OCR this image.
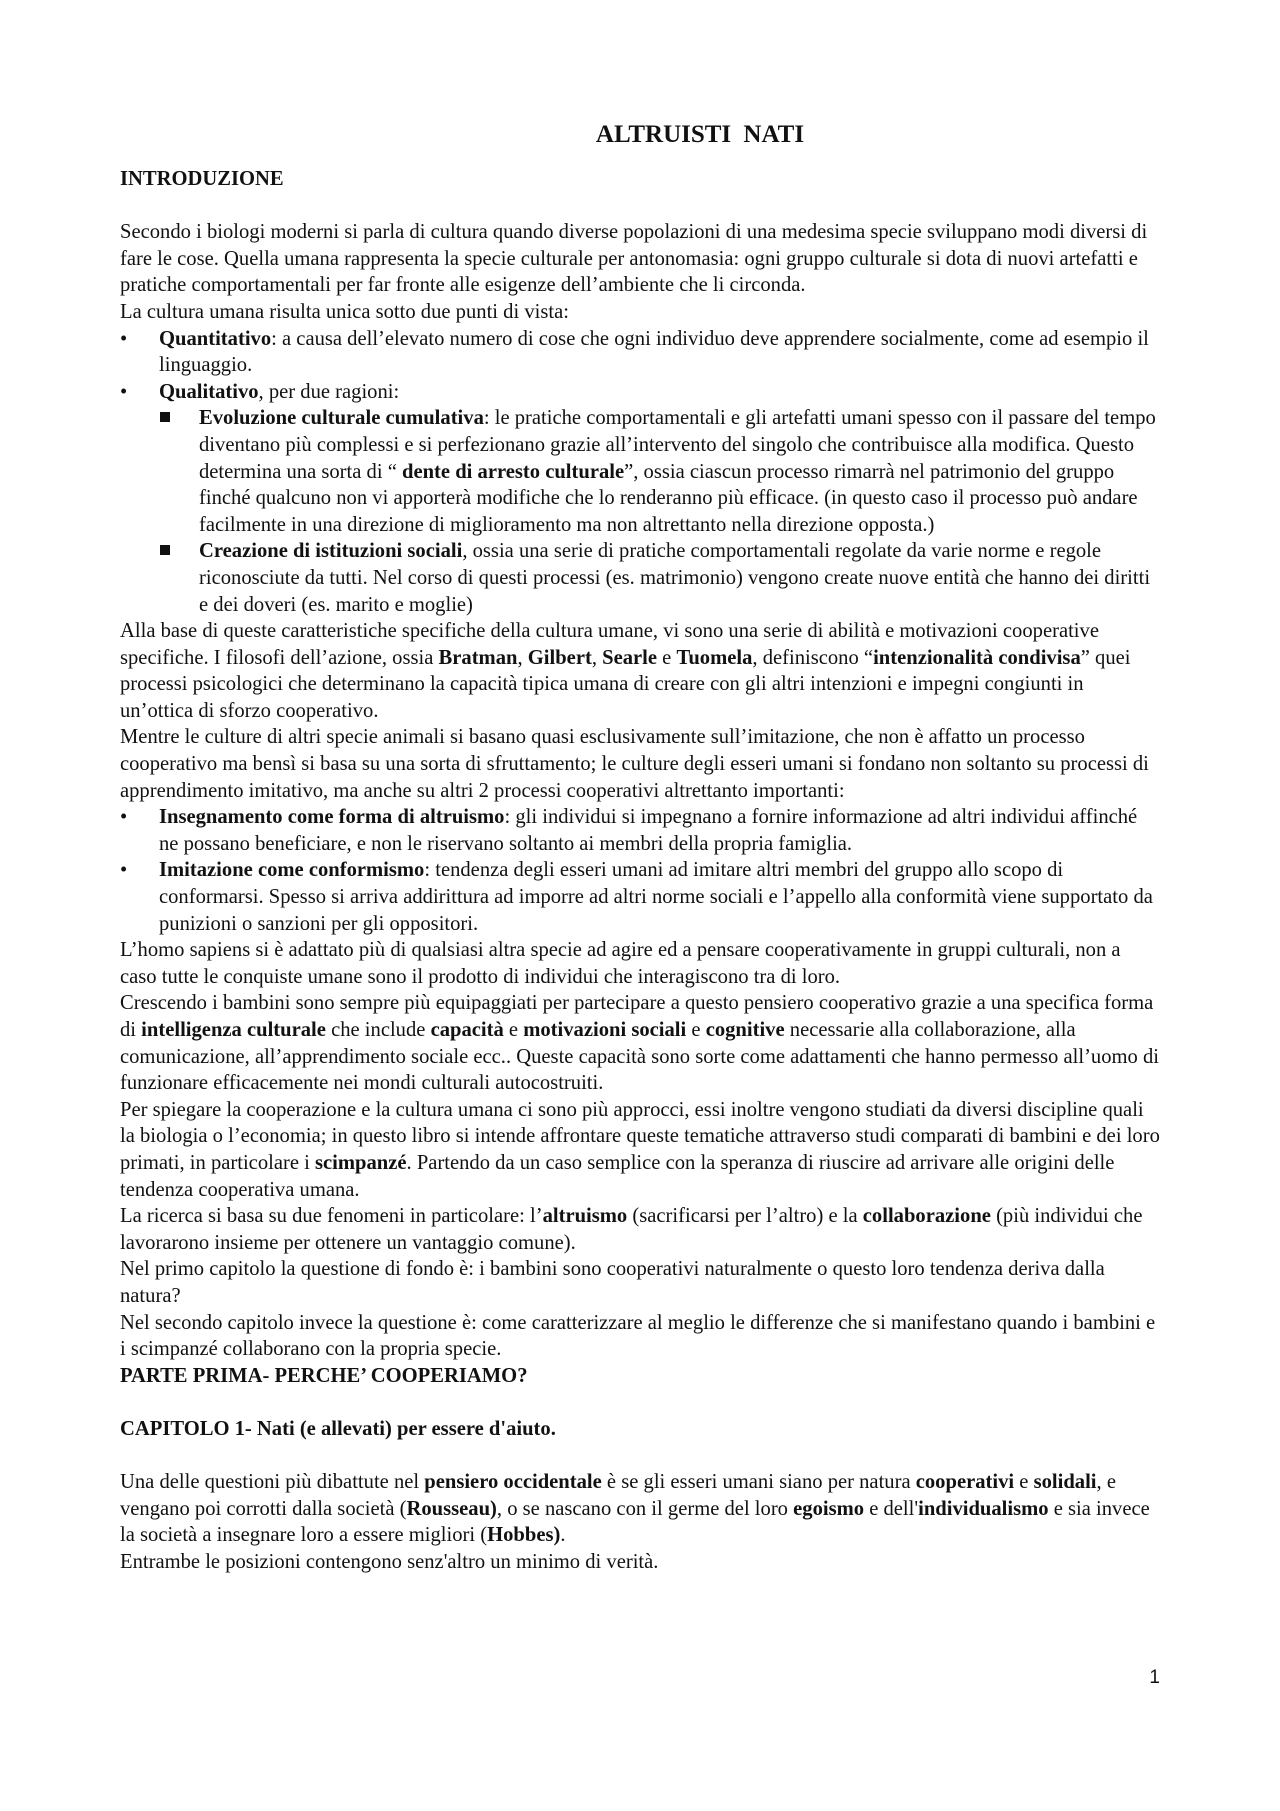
ALTRUISTI NATI

INTRODUZIONE

Secondo i biologi moderni si parla di cultura quando diverse popolazioni di una medesima specie sviluppano modi diversi di fare le cose. Quella umana rappresenta la specie culturale per antonomasia: ogni gruppo culturale si dota di nuovi artefatti e pratiche comportamentali per far fronte alle esigenze dell’ambiente che li circonda.

La cultura umana risulta unica sotto due punti di vista:

• Quantitativo: a causa dell’elevato numero di cose che ogni individuo deve apprendere socialmente, come ad esempio il linguaggio.
• Qualitativo, per due ragioni:
Evoluzione culturale cumulativa: le pratiche comportamentali e gli artefatti umani spesso con il passare del tempo diventano più complessi e si perfezionano grazie all’intervento del singolo che contribuisce alla modifica. Questo determina una sorta di “ dente di arresto culturale”, ossia ciascun processo rimarrà nel patrimonio del gruppo finché qualcuno non vi apporterà modifiche che lo renderanno più efficace. (in questo caso il processo può andare facilmente in una direzione di miglioramento ma non altrettanto nella direzione opposta.)
Creazione di istituzioni sociali, ossia una serie di pratiche comportamentali regolate da varie norme e regole riconosciute da tutti. Nel corso di questi processi (es. matrimonio) vengono create nuove entità che hanno dei diritti e dei doveri (es. marito e moglie)

Alla base di queste caratteristiche specifiche della cultura umane, vi sono una serie di abilità e motivazioni cooperative specifiche. I filosofi dell’azione, ossia Bratman, Gilbert, Searle e Tuomela, definiscono “intenzionalità condivisa” quei processi psicologici che determinano la capacità tipica umana di creare con gli altri intenzioni e impegni congiunti in un’ottica di sforzo cooperativo.

Mentre le culture di altri specie animali si basano quasi esclusivamente sull’imitazione, che non è affatto un processo cooperativo ma bensì si basa su una sorta di sfruttamento; le culture degli esseri umani si fondano non soltanto su processi di apprendimento imitativo, ma anche su altri 2 processi cooperativi altrettanto importanti:

• Insegnamento come forma di altruismo: gli individui si impegnano a fornire informazione ad altri individui affinché ne possano beneficiare, e non le riservano soltanto ai membri della propria famiglia.
• Imitazione come conformismo: tendenza degli esseri umani ad imitare altri membri del gruppo allo scopo di conformarsi. Spesso si arriva addirittura ad imporre ad altri norme sociali e l’appello alla conformità viene supportato da punizioni o sanzioni per gli oppositori.

L’homo sapiens si è adattato più di qualsiasi altra specie ad agire ed a pensare cooperativamente in gruppi culturali, non a caso tutte le conquiste umane sono il prodotto di individui che interagiscono tra di loro.

Crescendo i bambini sono sempre più equipaggiati per partecipare a questo pensiero cooperativo grazie a una specifica forma di intelligenza culturale che include capacità e motivazioni sociali e cognitive necessarie alla collaborazione, alla comunicazione, all’apprendimento sociale ecc.. Queste capacità sono sorte come adattamenti che hanno permesso all’uomo di funzionare efficacemente nei mondi culturali autocostruiti.

Per spiegare la cooperazione e la cultura umana ci sono più approcci, essi inoltre vengono studiati da diversi discipline quali la biologia o l’economia; in questo libro si intende affrontare queste tematiche attraverso studi comparati di bambini e dei loro primati, in particolare i scimpanzé. Partendo da un caso semplice con la speranza di riuscire ad arrivare alle origini delle tendenza cooperativa umana.

La ricerca si basa su due fenomeni in particolare: l’altruismo (sacrificarsi per l’altro) e la collaborazione (più individui che lavorarono insieme per ottenere un vantaggio comune).

Nel primo capitolo la questione di fondo è: i bambini sono cooperativi naturalmente o questo loro tendenza deriva dalla natura?

Nel secondo capitolo invece la questione è: come caratterizzare al meglio le differenze che si manifestano quando i bambini e i scimpanzé collaborano con la propria specie.

PARTE PRIMA- PERCHE’ COOPERIAMO?

CAPITOLO 1- Nati (e allevati) per essere d'aiuto.

Una delle questioni più dibattute nel pensiero occidentale è se gli esseri umani siano per natura cooperativi e solidali, e vengano poi corrotti dalla società (Rousseau), o se nascano con il germe del loro egoismo e dell'individualismo e sia invece la società a insegnare loro a essere migliori (Hobbes).

Entrambe le posizioni contengono senz'altro un minimo di verità.

1
